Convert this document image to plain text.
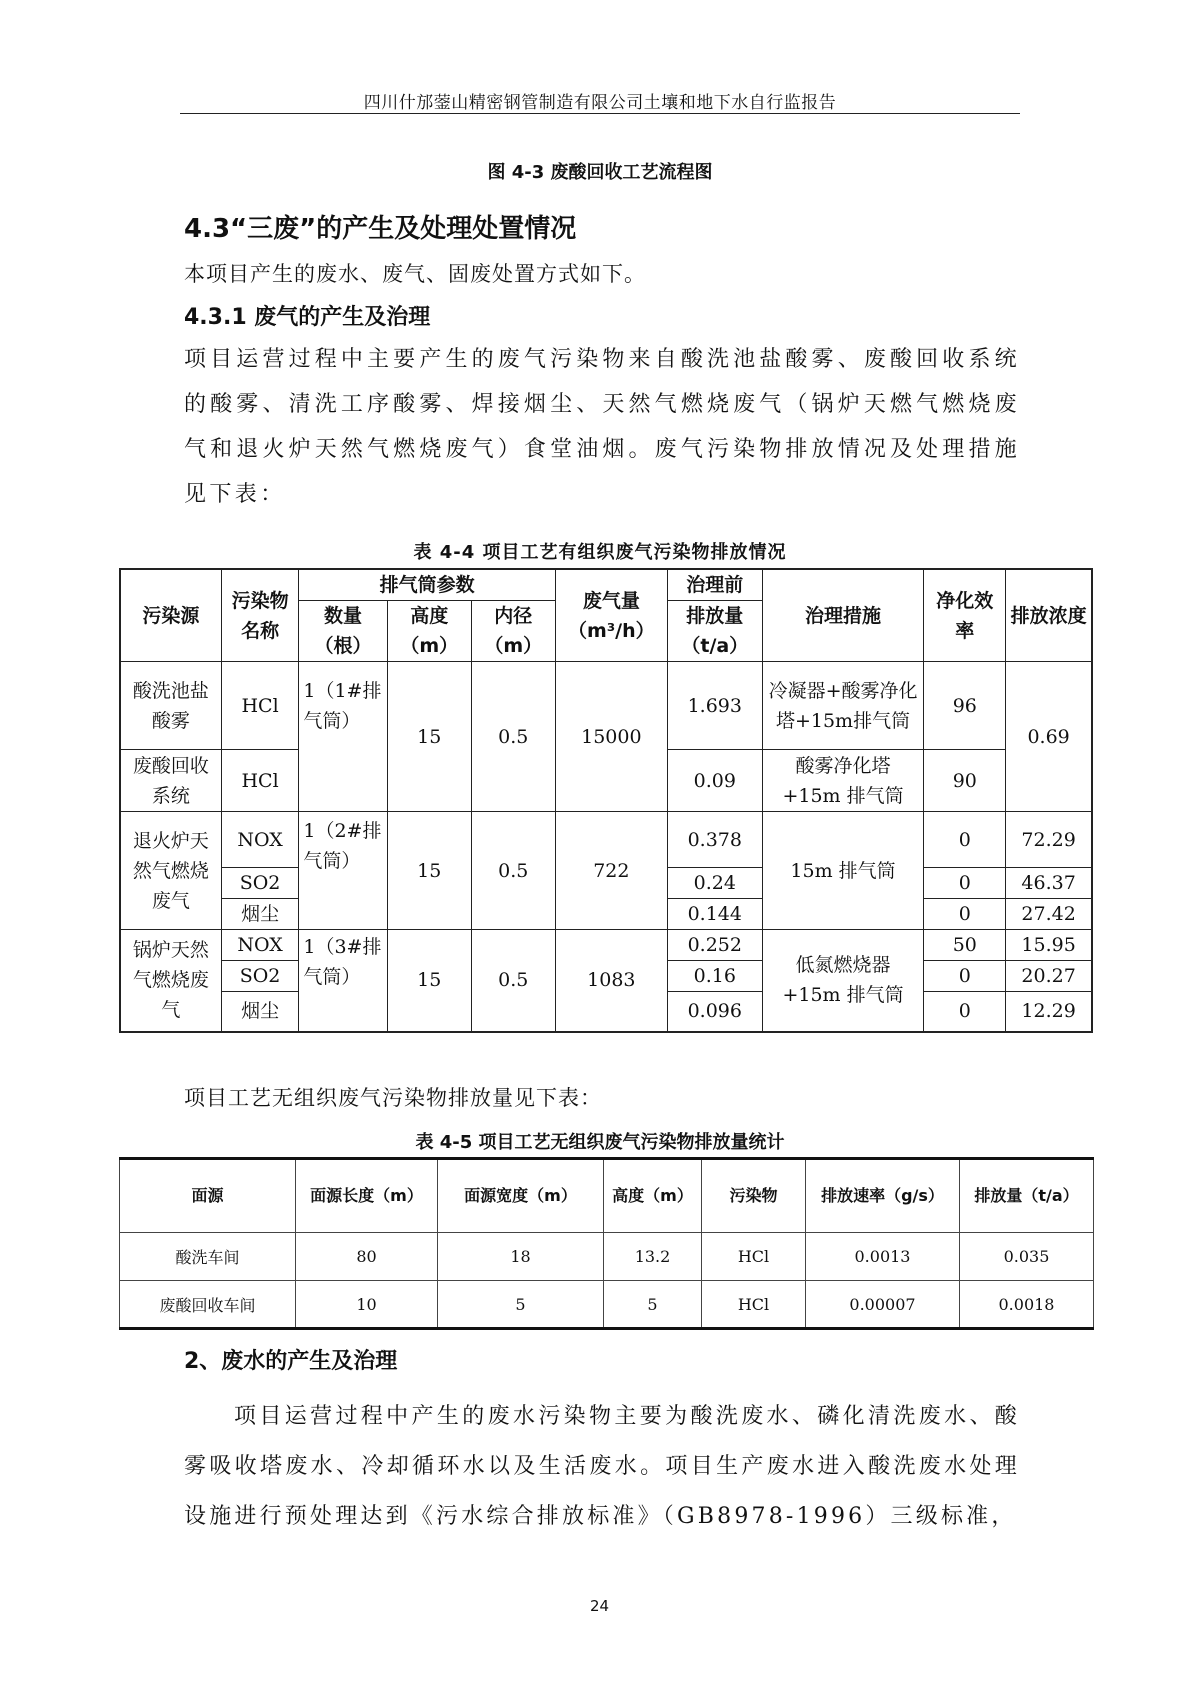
四川什邡蓥山精密钢管制造有限公司土壤和地下水自行监报告
图 4-3 废酸回收工艺流程图
4.3“三废”的产生及处理处置情况
本项目产生的废水、废气、固废处置方式如下。
4.3.1 废气的产生及治理
项目运营过程中主要产生的废气污染物来自酸洗池盐酸雾、废酸回收系统的酸雾、清洗工序酸雾、焊接烟尘、天然气燃烧废气（锅炉天燃气燃烧废气和退火炉天然气燃烧废气）食堂油烟。废气污染物排放情况及处理措施见下表：
表 4-4 项目工艺有组织废气污染物排放情况
污染源	污染物名称	排气筒参数			废气量（m³/h）	治理前	治理措施	净化效率	排放浓度
		数量（根）	高度（m）	内径（m）		排放量（t/a）			

酸洗池盐酸雾	HCl	1（1#排气筒）	15	0.5	15000	1.693	冷凝器+酸雾净化塔+15m排气筒	96	0.69
废酸回收系统	HCl					0.09	酸雾净化塔+15m 排气筒	90	
退火炉天然气燃烧废气	NOX	1（2#排气筒）	15	0.5	722	0.378	15m 排气筒	0	72.29
	SO2					0.24		0	46.37
	烟尘					0.144		0	27.42
锅炉天然气燃烧废气	NOX	1（3#排气筒）	15	0.5	1083	0.252	低氮燃烧器+15m 排气筒	50	15.95
	SO2					0.16		0	20.27
	烟尘					0.096		0	12.29
项目工艺无组织废气污染物排放量见下表：
表 4-5 项目工艺无组织废气污染物排放量统计
面源	面源长度（m）	面源宽度（m）	高度（m）	污染物	排放速率（g/s）	排放量（t/a）
酸洗车间	80	18	13.2	HCl	0.0013	0.035
废酸回收车间	10	5	5	HCl	0.00007	0.0018
2、废水的产生及治理
项目运营过程中产生的废水污染物主要为酸洗废水、磷化清洗废水、酸雾吸收塔废水、冷却循环水以及生活废水。项目生产废水进入酸洗废水处理设施进行预处理达到《污水综合排放标准》（GB8978-1996）三级标准，
24
